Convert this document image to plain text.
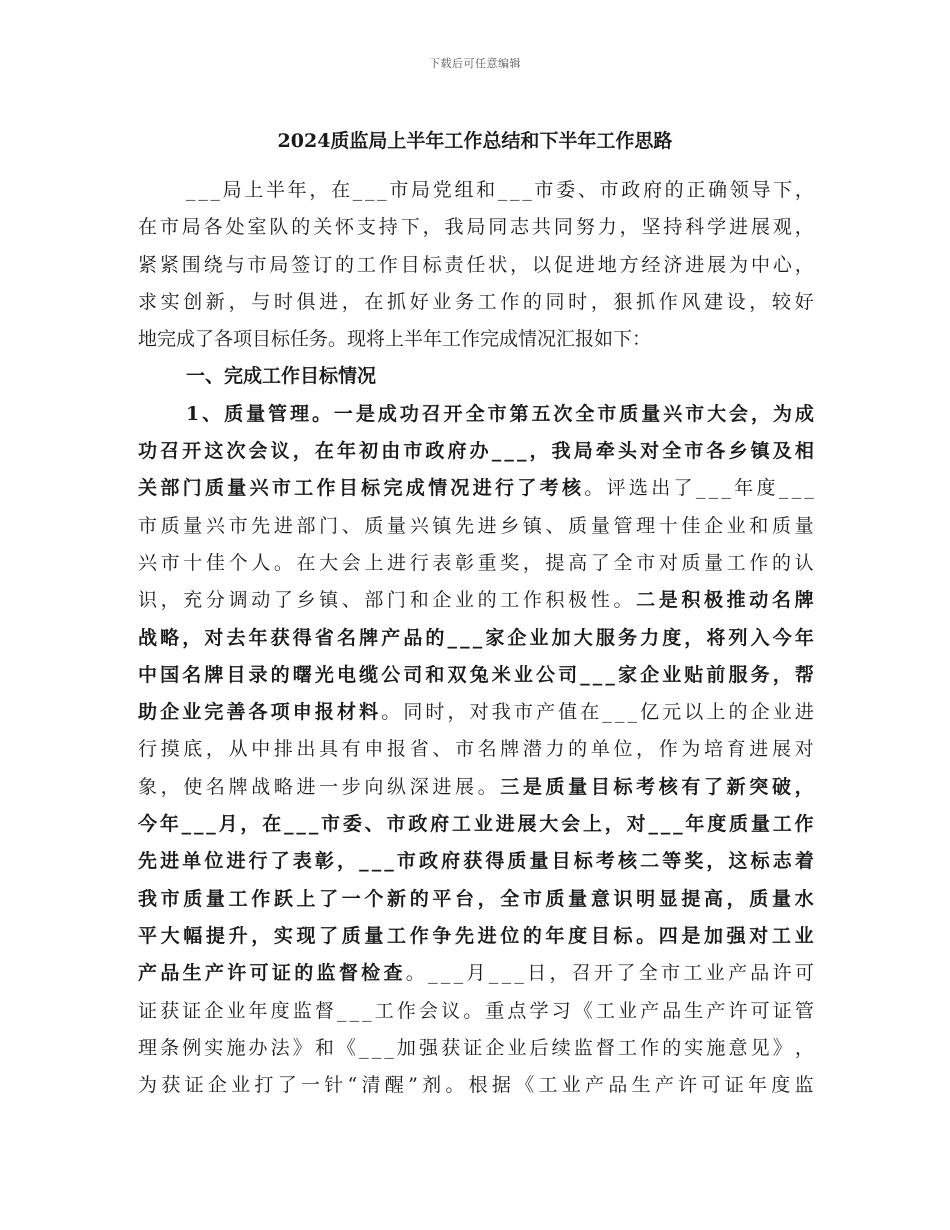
下载后可任意编辑
2024质监局上半年工作总结和下半年工作思路
_ _ _ 局 上 半 年 ， 在 _ _ _ 市 局 党 组 和 _ _ _ 市 委 、 市 政 府 的 正 确 领 导 下 ，
在 市 局 各 处 室 队 的 关 怀 支 持 下 ， 我 局 同 志 共 同 努 力 ， 坚 持 科 学 进 展 观 ，
紧 紧 围 绕 与 市 局 签 订 的 工 作 目 标 责 任 状 ， 以 促 进 地 方 经 济 进 展 为 中 心 ，
求 实 创 新 ， 与 时 俱 进 ， 在 抓 好 业 务 工 作 的 同 时 ， 狠 抓 作 风 建 设 ， 较 好
地完成了各项目标任务。现将上半年工作完成情况汇报如下：
一、完成工作目标情况
1 、 质 量 管 理 。 一 是 成 功 召 开 全 市 第 五 次 全 市 质 量 兴 市 大 会 ， 为 成
功 召 开 这 次 会 议 ， 在 年 初 由 市 政 府 办 _ _ _ ， 我 局 牵 头 对 全 市 各 乡 镇 及 相
关 部 门 质 量 兴 市 工 作 目 标 完 成 情 况 进 行 了 考 核 。 评 选 出 了 _ _ _ 年 度 _ _ _
市 质 量 兴 市 先 进 部 门 、 质 量 兴 镇 先 进 乡 镇 、 质 量 管 理 十 佳 企 业 和 质 量
兴 市 十 佳 个 人 。 在 大 会 上 进 行 表 彰 重 奖 ， 提 高 了 全 市 对 质 量 工 作 的 认
识 ， 充 分 调 动 了 乡 镇 、 部 门 和 企 业 的 工 作 积 极 性 。 二 是 积 极 推 动 名 牌
战 略 ， 对 去 年 获 得 省 名 牌 产 品 的 _ _ _ 家 企 业 加 大 服 务 力 度 ， 将 列 入 今 年
中 国 名 牌 目 录 的 曙 光 电 缆 公 司 和 双 兔 米 业 公 司 _ _ _ 家 企 业 贴 前 服 务 ， 帮
助 企 业 完 善 各 项 申 报 材 料 。 同 时 ， 对 我 市 产 值 在 _ _ _ 亿 元 以 上 的 企 业 进
行 摸 底 ， 从 中 排 出 具 有 申 报 省 、 市 名 牌 潜 力 的 单 位 ， 作 为 培 育 进 展 对
象 ， 使 名 牌 战 略 进 一 步 向 纵 深 进 展 。 三 是 质 量 目 标 考 核 有 了 新 突 破 ，
今 年 _ _ _ 月 ， 在 _ _ _ 市 委 、 市 政 府 工 业 进 展 大 会 上 ， 对 _ _ _ 年 度 质 量 工 作
先 进 单 位 进 行 了 表 彰 ， _ _ _ 市 政 府 获 得 质 量 目 标 考 核 二 等 奖 ， 这 标 志 着
我 市 质 量 工 作 跃 上 了 一 个 新 的 平 台 ， 全 市 质 量 意 识 明 显 提 高 ， 质 量 水
平 大 幅 提 升 ， 实 现 了 质 量 工 作 争 先 进 位 的 年 度 目 标 。 四 是 加 强 对 工 业
产 品 生 产 许 可 证 的 监 督 检 查 。 _ _ _ 月 _ _ _ 日 ， 召 开 了 全 市 工 业 产 品 许 可
证 获 证 企 业 年 度 监 督 _ _ _ 工 作 会 议 。 重 点 学 习 《 工 业 产 品 生 产 许 可 证 管
理 条 例 实 施 办 法 》 和 《 _ _ _ 加 强 获 证 企 业 后 续 监 督 工 作 的 实 施 意 见 》 ，
为 获 证 企 业 打 了 一 针 “ 清 醒 ” 剂 。 根 据 《 工 业 产 品 生 产 许 可 证 年 度 监
